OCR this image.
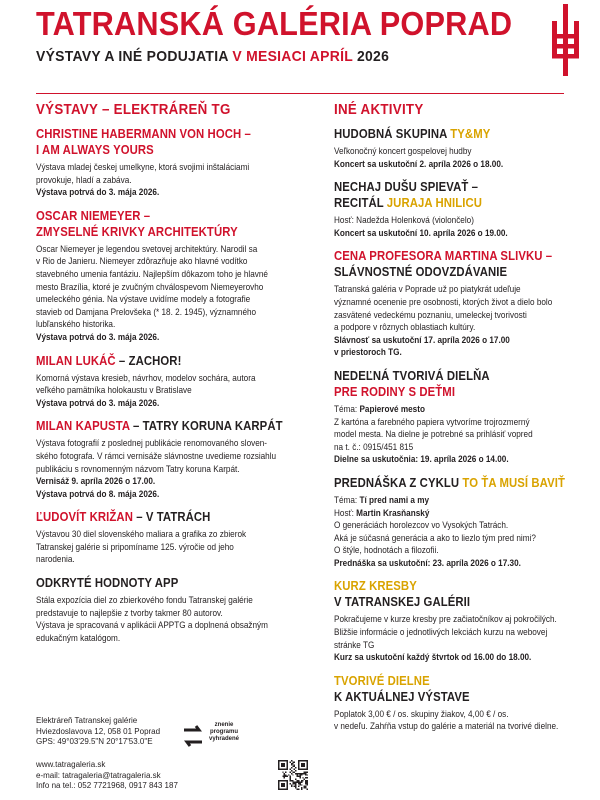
TATRANSKÁ GALÉRIA POPRAD
VÝSTAVY A INÉ PODUJATIA V MESIACI APRÍL 2026
VÝSTAVY – ELEKTRÁREŇ TG
CHRISTINE HABERMANN VON HOCH –
I AM ALWAYS YOURS
Výstava mladej českej umelkyne, ktorá svojimi inštaláciami
provokuje, hladí a zabáva.
Výstava potrvá do 3. mája 2026.
OSCAR NIEMEYER –
ZMYSELNÉ KRIVKY ARCHITEKTÚRY
Oscar Niemeyer je legendou svetovej architektúry. Narodil sa
v Rio de Janieru. Niemeyer zdôrazňuje ako hlavné vodítko
stavebného umenia fantáziu. Najlepším dôkazom toho je hlavné
mesto Brazília, ktoré je zvučným chválospevom Niemeyerovho
umeleckého génia. Na výstave uvidíme modely a fotografie
stavieb od Damjana Prelovšeka (* 18. 2. 1945), významného
lubľanského historika.
Výstava potrvá do 3. mája 2026.
MILAN LUKÁČ – ZACHOR!
Komorná výstava kresieb, návrhov, modelov sochára, autora
veľkého pamätníka holokaustu v Bratislave
Výstava potrvá do 3. mája 2026.
MILAN KAPUSTA – TATRY KORUNA KARPÁT
Výstava fotografií z poslednej publikácie renomovaného sloven-
ského fotografa. V rámci vernisáže slávnostne uvedieme rozsiahlu
publikáciu s rovnomenným názvom Tatry koruna Karpát.
Vernisáž 9. apríla 2026 o 17.00.
Výstava potrvá do 8. mája 2026.
ĽUDOVÍT KRIŽAN – V TATRÁCH
Výstavou 30 diel slovenského maliara a grafika zo zbierok
Tatranskej galérie si pripomíname 125. výročie od jeho
narodenia.
ODKRYTÉ HODNOTY APP
Stála expozícia diel zo zbierkového fondu Tatranskej galérie
predstavuje to najlepšie z tvorby takmer 80 autorov.
Výstava je spracovaná v aplikácii APPTG a doplnená obsažným
edukačným katalógom.
INÉ AKTIVITY
HUDOBNÁ SKUPINA TY&MY
Veľkonočný koncert gospelovej hudby
Koncert sa uskutoční 2. apríla 2026 o 18.00.
NECHAJ DUŠU SPIEVAŤ –
RECITÁL JURAJA HNILICU
Hosť: Nadežda Holenková (violončelo)
Koncert sa uskutoční 10. apríla 2026 o 19.00.
CENA PROFESORA MARTINA SLIVKU –
SLÁVNOSTNÉ ODOVZDÁVANIE
Tatranská galéria v Poprade už po piatykrát udeľuje
významné ocenenie pre osobnosti, ktorých život a dielo bolo
zasvätené vedeckému poznaniu, umeleckej tvorivosti
a podpore v rôznych oblastiach kultúry.
Slávnosť sa uskutoční 17. apríla 2026 o 17.00
v priestoroch TG.
NEDEĽNÁ TVORIVÁ DIELŇA
PRE RODINY S DEŤMI
Téma: Papierové mesto
Z kartóna a farebného papiera vytvoríme trojrozmerný
model mesta. Na dielne je potrebné sa prihlásiť vopred
na t. č.: 0915/451 815
Dielne sa uskutočnia: 19. apríla 2026 o 14.00.
PREDNÁŠKA Z CYKLU TO ŤA MUSÍ BAVIŤ
Téma: Tí pred nami a my
Hosť: Martin Krasňanský
O generáciách horolezcov vo Vysokých Tatrách.
Aká je súčasná generácia a ako to liezlo tým pred nimi?
O štýle, hodnotách a filozofii.
Prednáška sa uskutoční: 23. apríla 2026 o 17.30.
KURZ KRESBY
V TATRANSKEJ GALÉRII
Pokračujeme v kurze kresby pre začiatočníkov aj pokročilých.
Bližšie informácie o jednotlivých lekciách kurzu na webovej
stránke TG
Kurz sa uskutoční každý štvrtok od 16.00 do 18.00.
TVORIVÉ DIELNE
K AKTUÁLNEJ VÝSTAVE
Poplatok 3,00 € / os. skupiny žiakov, 4,00 € / os.
v nedeľu. Zahŕňa vstup do galérie a materiál na tvorivé dielne.
Elektráreň Tatranskej galérie
Hviezdoslavova 12, 058 01 Poprad
GPS: 49°03'29.5"N 20°17'53.0"E
znenie
programu
vyhradené
www.tatragaleria.sk
e-mail: tatragaleria@tatragaleria.sk
Info na tel.: 052 7721968, 0917 843 187
